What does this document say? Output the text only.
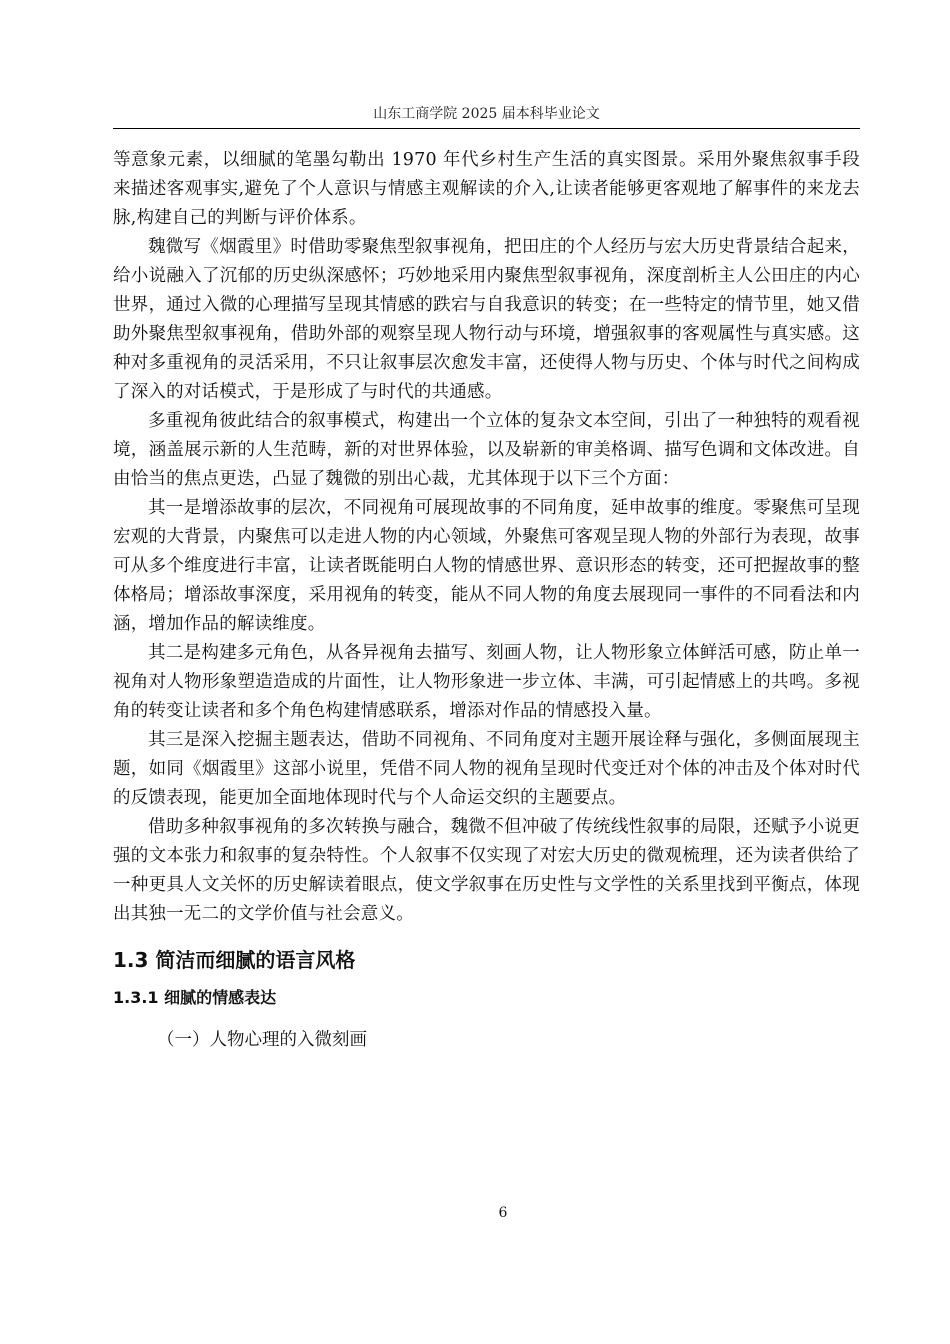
山东工商学院 2025 届本科毕业论文

等意象元素，以细腻的笔墨勾勒出 1970 年代乡村生产生活的真实图景。采用外聚焦叙事手段来描述客观事实,避免了个人意识与情感主观解读的介入,让读者能够更客观地了解事件的来龙去脉,构建自己的判断与评价体系。

魏微写《烟霞里》时借助零聚焦型叙事视角，把田庄的个人经历与宏大历史背景结合起来，给小说融入了沉郁的历史纵深感怀；巧妙地采用内聚焦型叙事视角，深度剖析主人公田庄的内心世界，通过入微的心理描写呈现其情感的跌宕与自我意识的转变；在一些特定的情节里，她又借助外聚焦型叙事视角，借助外部的观察呈现人物行动与环境，增强叙事的客观属性与真实感。这种对多重视角的灵活采用，不只让叙事层次愈发丰富，还使得人物与历史、个体与时代之间构成了深入的对话模式，于是形成了与时代的共通感。

多重视角彼此结合的叙事模式，构建出一个立体的复杂文本空间，引出了一种独特的观看视境，涵盖展示新的人生范畴，新的对世界体验，以及崭新的审美格调、描写色调和文体改进。自由恰当的焦点更迭，凸显了魏微的别出心裁，尤其体现于以下三个方面：

其一是增添故事的层次，不同视角可展现故事的不同角度，延申故事的维度。零聚焦可呈现宏观的大背景，内聚焦可以走进人物的内心领域，外聚焦可客观呈现人物的外部行为表现，故事可从多个维度进行丰富，让读者既能明白人物的情感世界、意识形态的转变，还可把握故事的整体格局；增添故事深度，采用视角的转变，能从不同人物的角度去展现同一事件的不同看法和内涵，增加作品的解读维度。

其二是构建多元角色，从各异视角去描写、刻画人物，让人物形象立体鲜活可感，防止单一视角对人物形象塑造造成的片面性，让人物形象进一步立体、丰满，可引起情感上的共鸣。多视角的转变让读者和多个角色构建情感联系，增添对作品的情感投入量。

其三是深入挖掘主题表达，借助不同视角、不同角度对主题开展诠释与强化，多侧面展现主题，如同《烟霞里》这部小说里，凭借不同人物的视角呈现时代变迁对个体的冲击及个体对时代的反馈表现，能更加全面地体现时代与个人命运交织的主题要点。

借助多种叙事视角的多次转换与融合，魏微不但冲破了传统线性叙事的局限，还赋予小说更强的文本张力和叙事的复杂特性。个人叙事不仅实现了对宏大历史的微观梳理，还为读者供给了一种更具人文关怀的历史解读着眼点，使文学叙事在历史性与文学性的关系里找到平衡点，体现出其独一无二的文学价值与社会意义。

1.3 简洁而细腻的语言风格
1.3.1 细腻的情感表达
（一）人物心理的入微刻画
6
